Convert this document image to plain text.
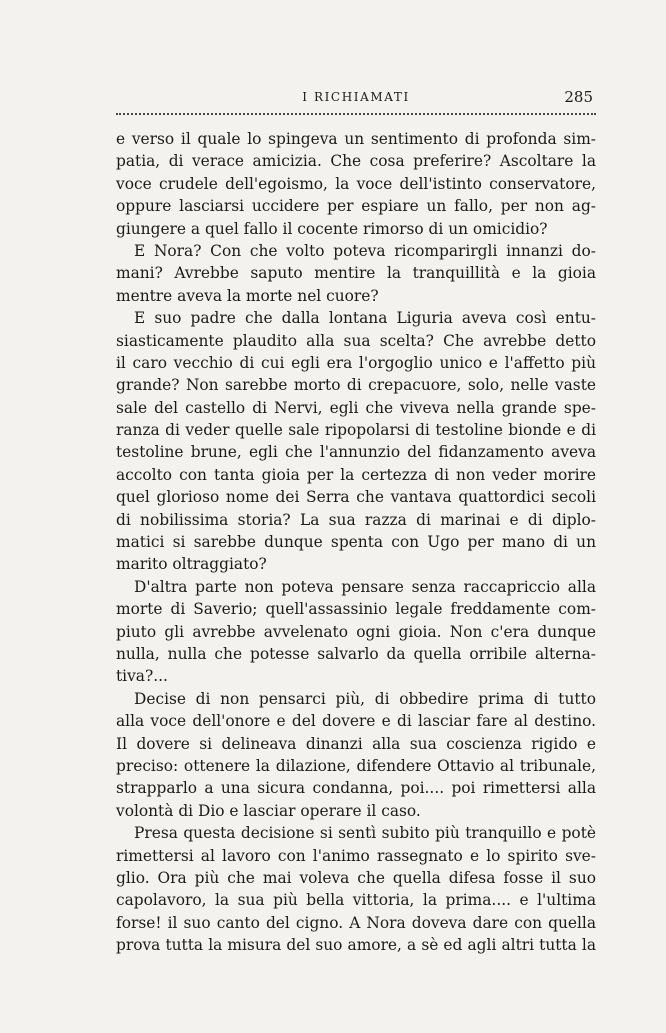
I RICHIAMATI	285
e verso il quale lo spingeva un sentimento di profonda sim-
patia, di verace amicizia. Che cosa preferire? Ascoltare la
voce crudele dell'egoismo, la voce dell'istinto conservatore,
oppure lasciarsi uccidere per espiare un fallo, per non ag-
giungere a quel fallo il cocente rimorso di un omicidio?
E Nora? Con che volto poteva ricomparirgli innanzi do-
mani? Avrebbe saputo mentire la tranquillità e la gioia
mentre aveva la morte nel cuore?
E suo padre che dalla lontana Liguria aveva così entu-
siasticamente plaudito alla sua scelta? Che avrebbe detto
il caro vecchio di cui egli era l'orgoglio unico e l'affetto più
grande? Non sarebbe morto di crepacuore, solo, nelle vaste
sale del castello di Nervi, egli che viveva nella grande spe-
ranza di veder quelle sale ripopolarsi di testoline bionde e di
testoline brune, egli che l'annunzio del fidanzamento aveva
accolto con tanta gioia per la certezza di non veder morire
quel glorioso nome dei Serra che vantava quattordici secoli
di nobilissima storia? La sua razza di marinai e di diplo-
matici si sarebbe dunque spenta con Ugo per mano di un
marito oltraggiato?
D'altra parte non poteva pensare senza raccapriccio alla
morte di Saverio; quell'assassinio legale freddamente com-
piuto gli avrebbe avvelenato ogni gioia. Non c'era dunque
nulla, nulla che potesse salvarlo da quella orribile alterna-
tiva?...
Decise di non pensarci più, di obbedire prima di tutto
alla voce dell'onore e del dovere e di lasciar fare al destino.
Il dovere si delineava dinanzi alla sua coscienza rigido e
preciso: ottenere la dilazione, difendere Ottavio al tribunale,
strapparlo a una sicura condanna, poi.... poi rimettersi alla
volontà di Dio e lasciar operare il caso.
Presa questa decisione si sentì subito più tranquillo e potè
rimettersi al lavoro con l'animo rassegnato e lo spirito sve-
glio. Ora più che mai voleva che quella difesa fosse il suo
capolavoro, la sua più bella vittoria, la prima.... e l'ultima
forse! il suo canto del cigno. A Nora doveva dare con quella
prova tutta la misura del suo amore, a sè ed agli altri tutta la
